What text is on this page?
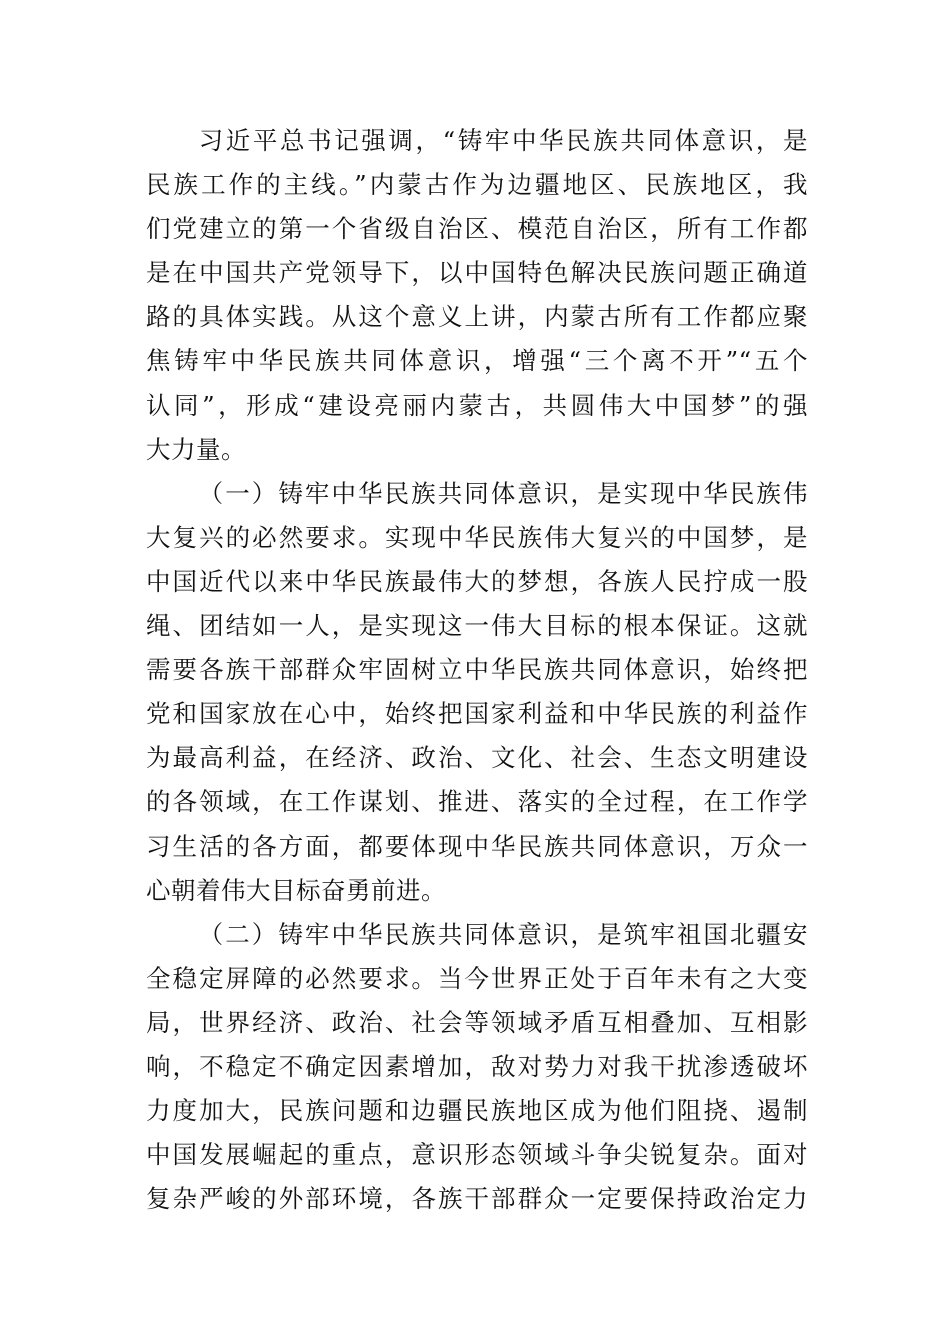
习近平总书记强调，“铸牢中华民族共同体意识，是
民族工作的主线。”内蒙古作为边疆地区、民族地区，我
们党建立的第一个省级自治区、模范自治区，所有工作都
是在中国共产党领导下，以中国特色解决民族问题正确道
路的具体实践。从这个意义上讲，内蒙古所有工作都应聚
焦铸牢中华民族共同体意识，增强“三个离不开”“五个
认同”，形成“建设亮丽内蒙古，共圆伟大中国梦”的强
大力量。

（一）铸牢中华民族共同体意识，是实现中华民族伟
大复兴的必然要求。实现中华民族伟大复兴的中国梦，是
中国近代以来中华民族最伟大的梦想，各族人民拧成一股
绳、团结如一人，是实现这一伟大目标的根本保证。这就
需要各族干部群众牢固树立中华民族共同体意识，始终把
党和国家放在心中，始终把国家利益和中华民族的利益作
为最高利益，在经济、政治、文化、社会、生态文明建设
的各领域，在工作谋划、推进、落实的全过程，在工作学
习生活的各方面，都要体现中华民族共同体意识，万众一
心朝着伟大目标奋勇前进。

（二）铸牢中华民族共同体意识，是筑牢祖国北疆安
全稳定屏障的必然要求。当今世界正处于百年未有之大变
局，世界经济、政治、社会等领域矛盾互相叠加、互相影
响，不稳定不确定因素增加，敌对势力对我干扰渗透破坏
力度加大，民族问题和边疆民族地区成为他们阻挠、遏制
中国发展崛起的重点，意识形态领域斗争尖锐复杂。面对
复杂严峻的外部环境，各族干部群众一定要保持政治定力
